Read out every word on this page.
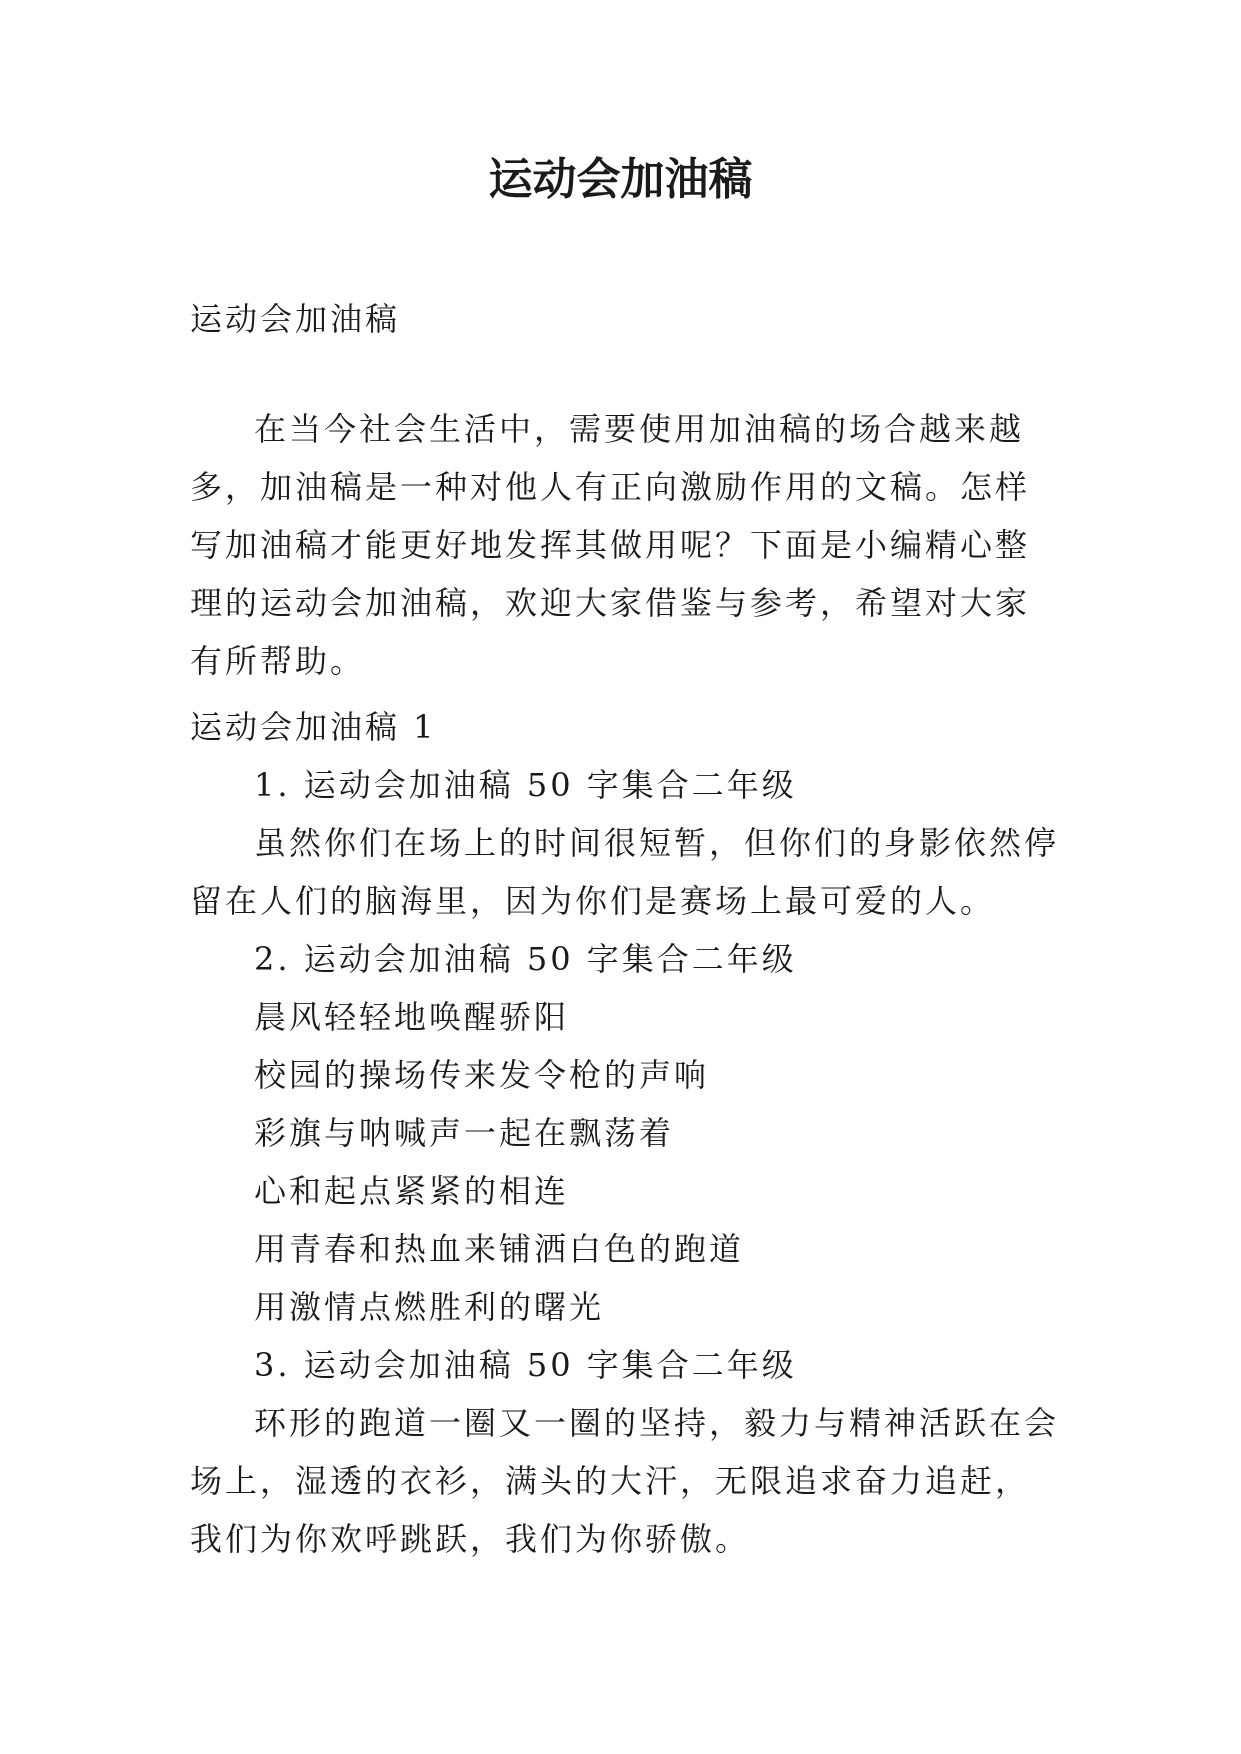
运动会加油稿

运动会加油稿

在当今社会生活中，需要使用加油稿的场合越来越多，加油稿是一种对他人有正向激励作用的文稿。怎样写加油稿才能更好地发挥其做用呢？下面是小编精心整理的运动会加油稿，欢迎大家借鉴与参考，希望对大家有所帮助。

运动会加油稿 1

1. 运动会加油稿 50 字集合二年级

虽然你们在场上的时间很短暂，但你们的身影依然停留在人们的脑海里，因为你们是赛场上最可爱的人。

2. 运动会加油稿 50 字集合二年级

晨风轻轻地唤醒骄阳

校园的操场传来发令枪的声响

彩旗与呐喊声一起在飘荡着

心和起点紧紧的相连

用青春和热血来铺洒白色的跑道

用激情点燃胜利的曙光

3. 运动会加油稿 50 字集合二年级

环形的跑道一圈又一圈的坚持，毅力与精神活跃在会场上，湿透的衣衫，满头的大汗，无限追求奋力追赶，我们为你欢呼跳跃，我们为你骄傲。
